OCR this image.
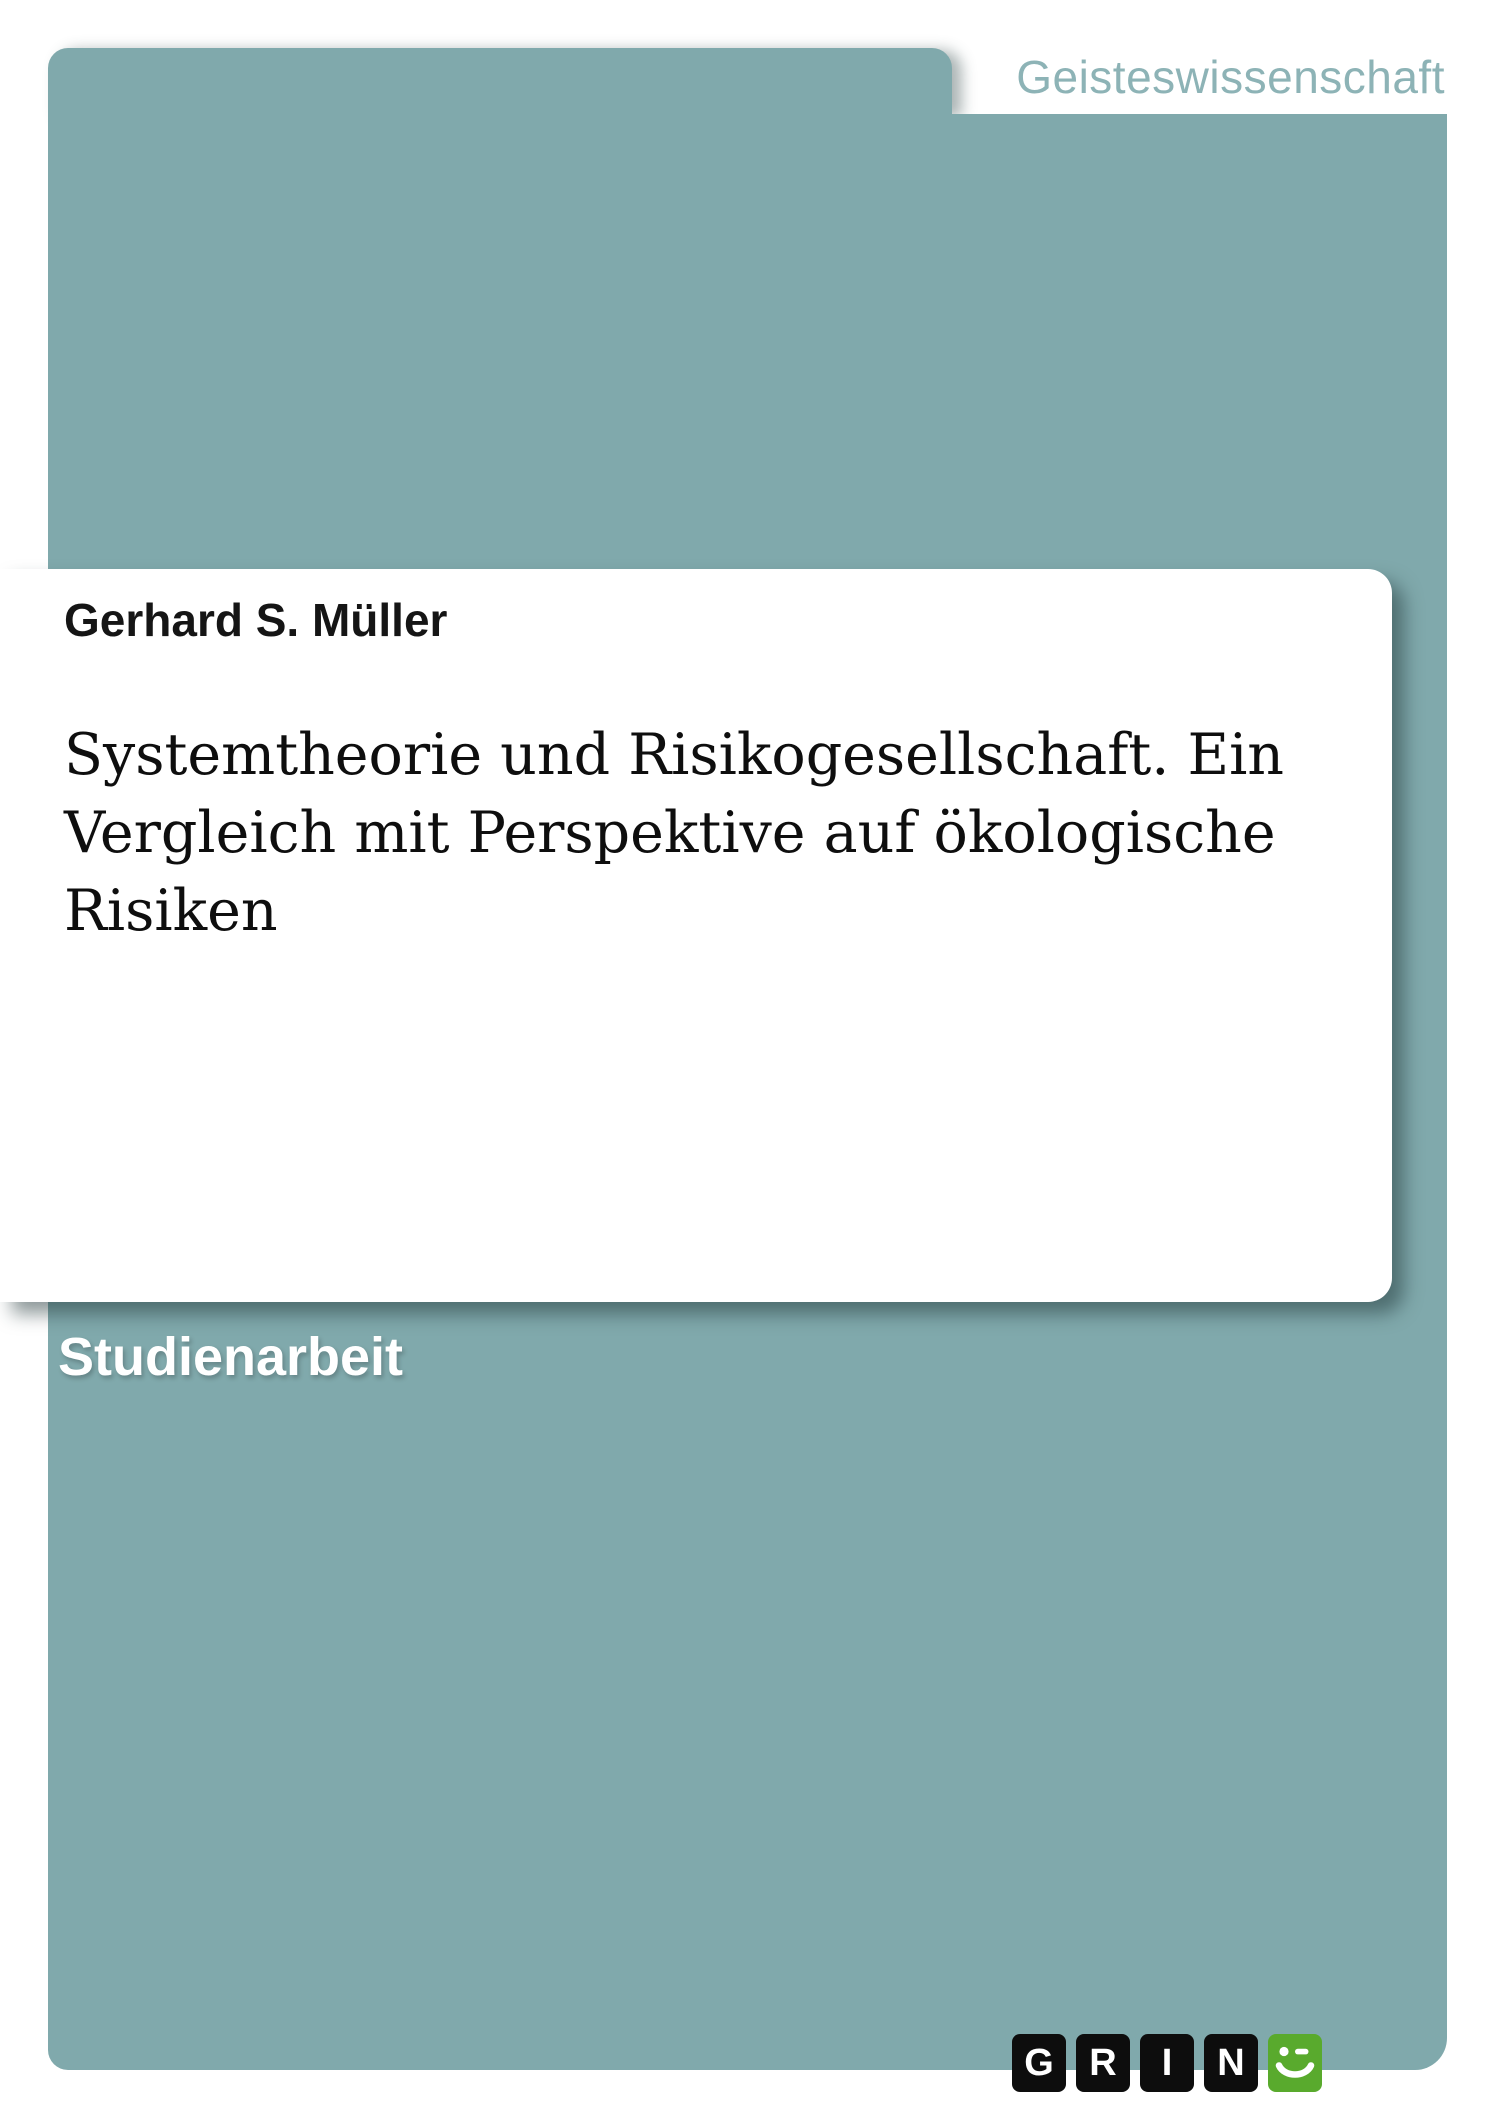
Geisteswissenschaft
Gerhard S. Müller
Systemtheorie und Risikogesellschaft. Ein
Vergleich mit Perspektive auf ökologische
Risiken
Studienarbeit
G R	I	N
